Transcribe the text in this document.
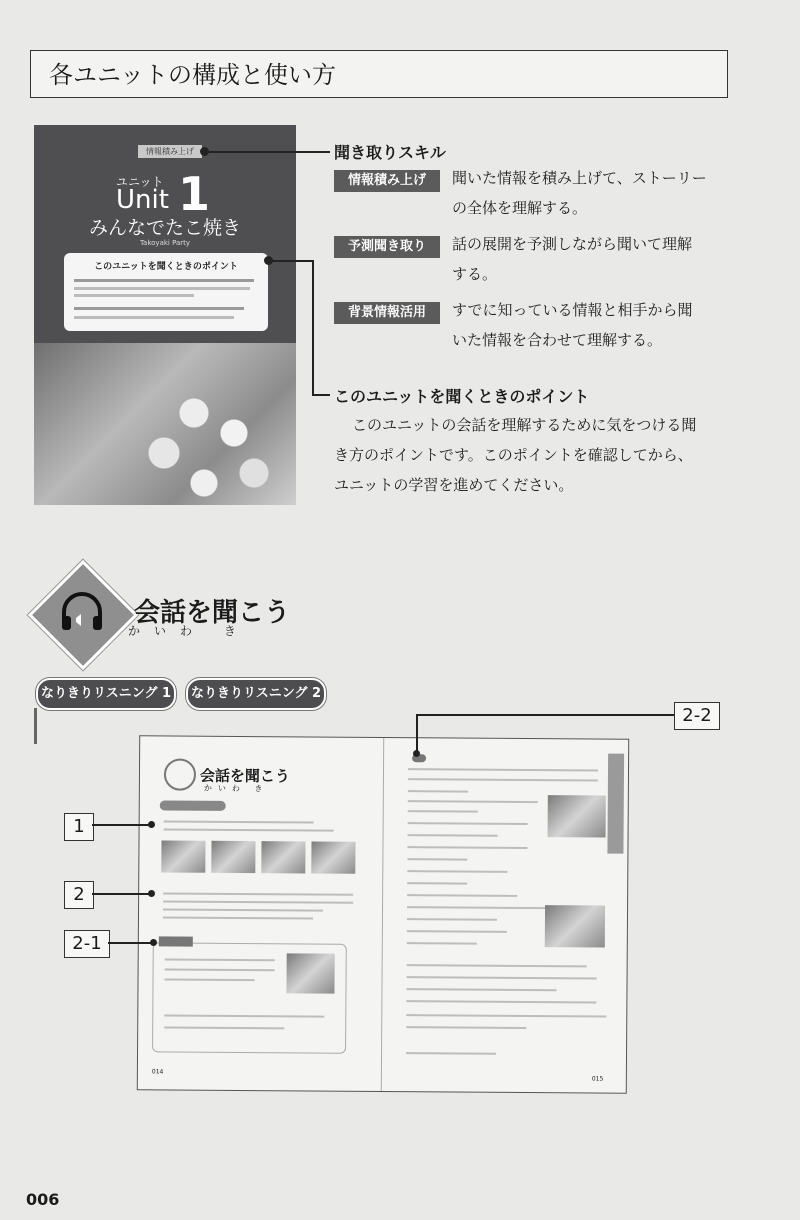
各ユニットの構成と使い方
情報積み上げ
ユニット
Unit 1
みんなでたこ焼き
Takoyaki Party
このユニットを聞くときのポイント
聞き取りスキル
情報積み上げ	聞いた情報を積み上げて、ストーリー
の全体を理解する。
予測聞き取り	話の展開を予測しながら聞いて理解
する。
背景情報活用	すでに知っている情報と相手から聞
いた情報を合わせて理解する。
このユニットを聞くときのポイント
このユニットの会話を理解するために気をつける聞
き方のポイントです。このポイントを確認してから、
ユニットの学習を進めてください。
会話を聞こう
かいわ き
なりきりリスニング 1	なりきりリスニング 2
会話を聞こう
かいわ き
014
015
1
2
2-1
2-2
006
